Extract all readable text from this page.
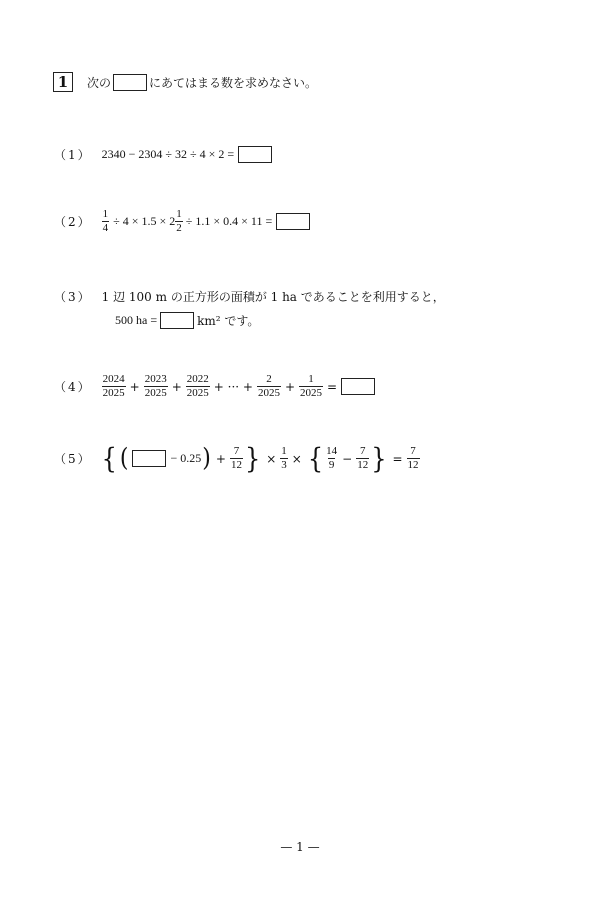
1	次の	にあてはまる数を求めなさい。
（1） 2340 − 2304 ÷ 32 ÷ 4 × 2 =
$(2) \frac{1}{4} \div 4 \times 1.5 \times 2 \frac{1}{2} \div 1.1 \times 0.4 \times 11$ =
（3） 1 辺 100 m の正方形の面積が 1 ha であることを利用すると，
500 ha =	km² です。
$(4) \frac{2024}{2025} + \frac{2023}{2025} + \frac{2022}{2025}$ + ··· + $\frac{2}{2025} + \frac{1}{2025}$ =
（5） { (	− 0.25 ) + $\frac{7}{12}$ } × $\frac{1}{3}$ × { $\frac{14}{9} - \frac{7}{12}$ } = $\frac{7}{12}$
— 1 —
